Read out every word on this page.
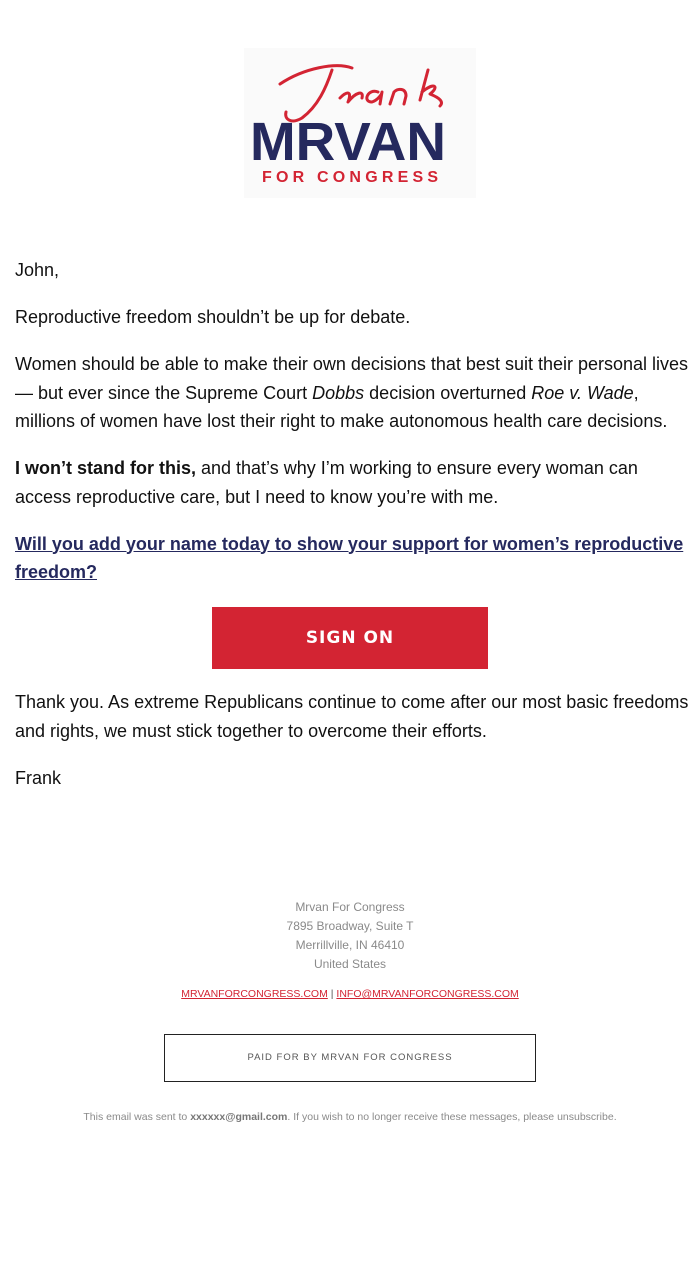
MRVAN
FOR CONGRESS

John,

Reproductive freedom shouldn’t be up for debate.

Women should be able to make their own decisions that best suit their personal lives — but ever since the Supreme Court Dobbs decision overturned Roe v. Wade, millions of women have lost their right to make autonomous health care decisions.

I won’t stand for this, and that’s why I’m working to ensure every woman can access reproductive care, but I need to know you’re with me.

Will you add your name today to show your support for women’s reproductive freedom?

SIGN ON

Thank you. As extreme Republicans continue to come after our most basic freedoms and rights, we must stick together to overcome their efforts.

Frank

Mrvan For Congress
7895 Broadway, Suite T
Merrillville, IN 46410
United States
MRVANFORCONGRESS.COM | INFO@MRVANFORCONGRESS.COM
PAID FOR BY MRVAN FOR CONGRESS
This email was sent to xxxxxx@gmail.com. If you wish to no longer receive these messages, please unsubscribe.
